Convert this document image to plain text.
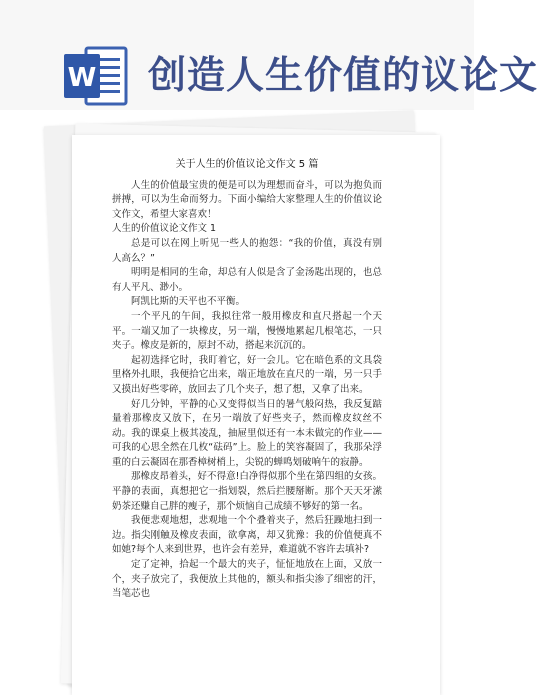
W 创造人生价值的议论文
关于人生的价值议论文作文 5 篇

人生的价值最宝贵的便是可以为理想而奋斗，可以为抱负而拼搏，可以为生命而努力。下面小编给大家整理人生的价值议论文作文，希望大家喜欢！

人生的价值议论文作文 1

总是可以在网上听见一些人的抱怨：“我的价值，真没有别人高么？”

明明是相同的生命，却总有人似是含了金汤匙出现的，也总有人平凡、渺小。

阿凯比斯的天平也不平衡。

一个平凡的午间，我拟往常一般用橡皮和直尺搭起一个天平。一端又加了一块橡皮，另一端，慢慢地累起几根笔芯，一只夹子。橡皮是新的，原封不动，搭起来沉沉的。

起初选择它时，我盯着它，好一会儿。它在暗色系的文具袋里格外扎眼，我便拾它出来，端正地放在直尺的一端，另一只手又摸出好些零碎，放回去了几个夹子，想了想，又拿了出来。

好几分钟，平静的心又变得似当日的暑气般闷热，我反复踮量着那橡皮又放下，在另一端放了好些夹子，然而橡皮纹丝不动。我的课桌上极其凌乱，抽屉里似还有一本未做完的作业——可我的心思全然在几枚“砝码”上。脸上的笑容凝固了，我那朵浮重的白云凝固在那香樟树梢上，尖锐的蝉鸣划破响午的寂静。

那橡皮昂着头，好不得意!白净得似那个坐在第四组的女孩。平静的表面，真想把它一指划裂，然后拦腰掰断。那个天天牙潆奶茶还赚自己胖的瘦子，那个烦恼自己成绩不够好的第一名。

我便悲观地想，悲观地一个个叠着夹子，然后狂躁地扫到一边。指尖刚触及橡皮表面，欲拿离，却又犹豫：我的价值便真不如她?每个人来到世界，也许会有差异，难道就不容许去填补?

定了定神，拾起一个最大的夹子，怔怔地放在上面，又放一个，夹子放完了，我便放上其他的，额头和指尖渗了细密的汗，当笔芯也
